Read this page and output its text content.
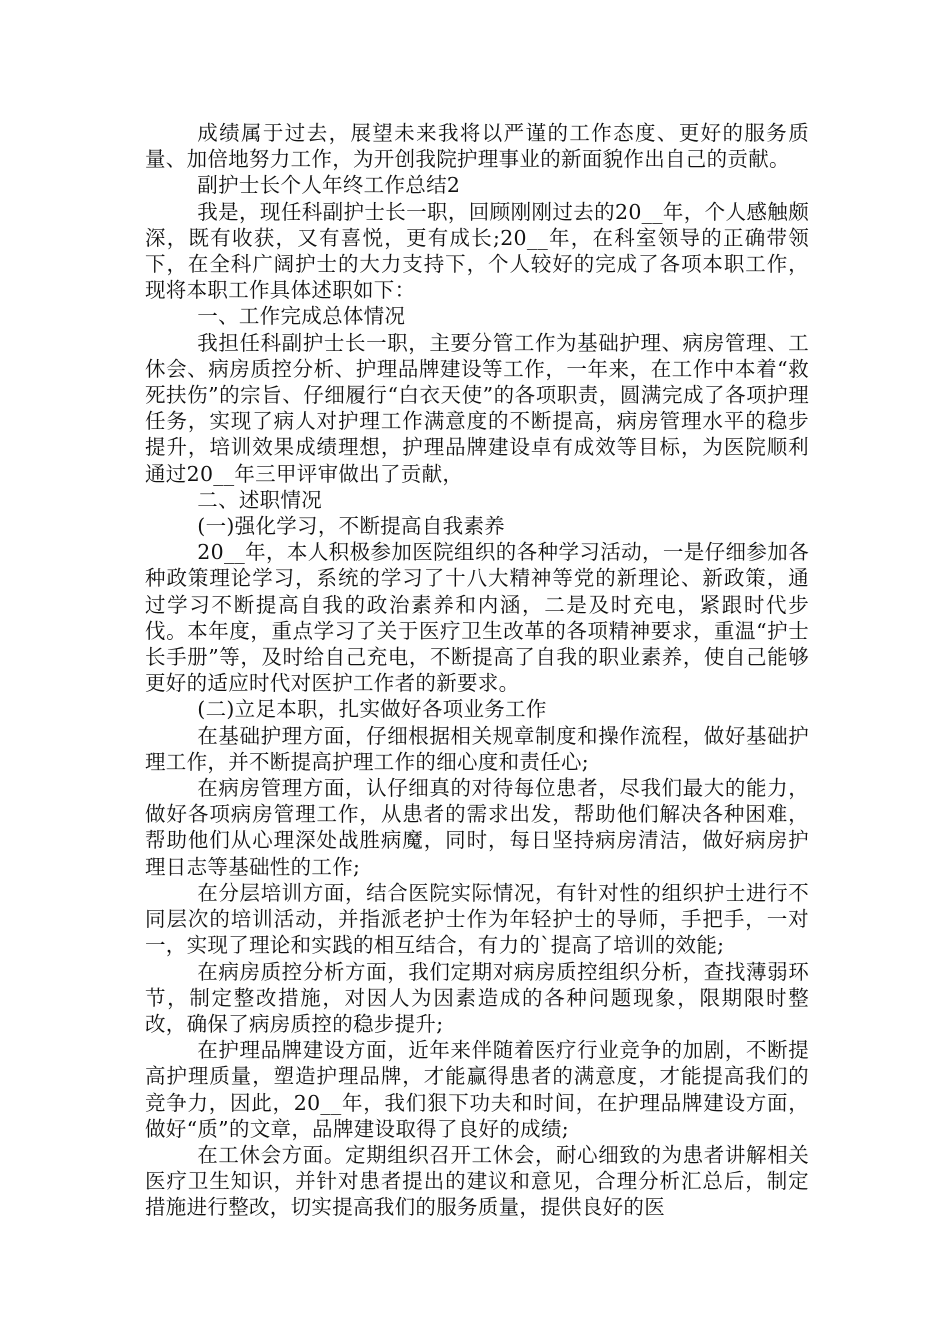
成绩属于过去，展望未来我将以严谨的工作态度、更好的服务质量、加倍地努力工作，为开创我院护理事业的新面貌作出自己的贡献。

副护士长个人年终工作总结2

我是，现任科副护士长一职，回顾刚刚过去的20__年，个人感触颇深，既有收获，又有喜悦，更有成长;20__年，在科室领导的正确带领下，在全科广阔护士的大力支持下，个人较好的完成了各项本职工作，现将本职工作具体述职如下：

一、工作完成总体情况

我担任科副护士长一职，主要分管工作为基础护理、病房管理、工休会、病房质控分析、护理品牌建设等工作，一年来，在工作中本着“救死扶伤”的宗旨、仔细履行“白衣天使”的各项职责，圆满完成了各项护理任务，实现了病人对护理工作满意度的不断提高，病房管理水平的稳步提升，培训效果成绩理想，护理品牌建设卓有成效等目标，为医院顺利通过20__年三甲评审做出了贡献，

二、述职情况

(一)强化学习，不断提高自我素养

20__年，本人积极参加医院组织的各种学习活动，一是仔细参加各种政策理论学习，系统的学习了十八大精神等党的新理论、新政策，通过学习不断提高自我的政治素养和内涵，二是及时充电，紧跟时代步伐。本年度，重点学习了关于医疗卫生改革的各项精神要求，重温“护士长手册”等，及时给自己充电，不断提高了自我的职业素养，使自己能够更好的适应时代对医护工作者的新要求。

(二)立足本职，扎实做好各项业务工作

在基础护理方面，仔细根据相关规章制度和操作流程，做好基础护理工作，并不断提高护理工作的细心度和责任心;

在病房管理方面，认仔细真的对待每位患者，尽我们最大的能力，做好各项病房管理工作，从患者的需求出发，帮助他们解决各种困难，帮助他们从心理深处战胜病魔，同时，每日坚持病房清洁，做好病房护理日志等基础性的工作;

在分层培训方面，结合医院实际情况，有针对性的组织护士进行不同层次的培训活动，并指派老护士作为年轻护士的导师，手把手，一对一，实现了理论和实践的相互结合，有力的`提高了培训的效能;

在病房质控分析方面，我们定期对病房质控组织分析，查找薄弱环节，制定整改措施，对因人为因素造成的各种问题现象，限期限时整改，确保了病房质控的稳步提升;

在护理品牌建设方面，近年来伴随着医疗行业竞争的加剧，不断提高护理质量，塑造护理品牌，才能赢得患者的满意度，才能提高我们的竞争力，因此，20__年，我们狠下功夫和时间，在护理品牌建设方面，做好“质”的文章，品牌建设取得了良好的成绩;

在工休会方面。定期组织召开工休会，耐心细致的为患者讲解相关医疗卫生知识，并针对患者提出的建议和意见，合理分析汇总后，制定措施进行整改，切实提高我们的服务质量，提供良好的医
